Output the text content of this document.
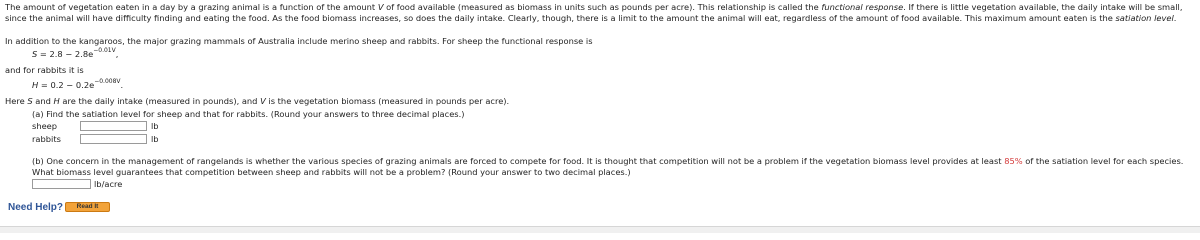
The amount of vegetation eaten in a day by a grazing animal is a function of the amount V of food available (measured as biomass in units such as pounds per acre). This relationship is called the functional response. If there is little vegetation available, the daily intake will be small, since the animal will have difficulty finding and eating the food. As the food biomass increases, so does the daily intake. Clearly, though, there is a limit to the amount the animal will eat, regardless of the amount of food available. This maximum amount eaten is the satiation level.
In addition to the kangaroos, the major grazing mammals of Australia include merino sheep and rabbits. For sheep the functional response is
$S = 2.8 - 2.8e^{-0.01V}$,
and for rabbits it is
$H = 0.2 - 0.2e^{-0.008V}$.
Here S and H are the daily intake (measured in pounds), and V is the vegetation biomass (measured in pounds per acre).
(a) Find the satiation level for sheep and that for rabbits. (Round your answers to three decimal places.)
sheep	lb
rabbits	lb
(b) One concern in the management of rangelands is whether the various species of grazing animals are forced to compete for food. It is thought that competition will not be a problem if the vegetation biomass level provides at least 85% of the satiation level for each species.
What biomass level guarantees that competition between sheep and rabbits will not be a problem? (Round your answer to two decimal places.)
lb/acre
Need Help?	Read It
